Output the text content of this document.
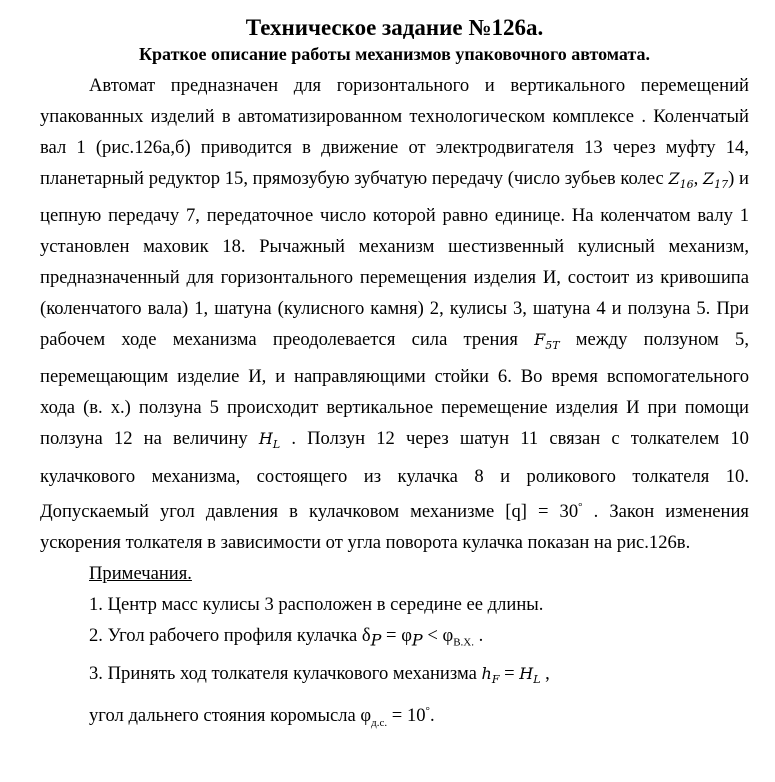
Техническое задание №126а.
Краткое описание работы механизмов упаковочного автомата.

Автомат предназначен для горизонтального и вертикального перемещений упакованных изделий в автоматизированном технологическом комплексе . Коленчатый вал 1 (рис.126а,б) приводится в движение от электродвигателя 13 через муфту 14, планетарный редуктор 15, прямозубую зубчатую передачу (число зубьев колес $Z_{16}$, $Z_{17}$) и цепную передачу 7, передаточное число которой равно единице. На коленчатом валу 1 установлен маховик 18. Рычажный механизм шестизвенный кулисный механизм, предназначенный для горизонтального перемещения изделия И, состоит из кривошипа (коленчатого вала) 1, шатуна (кулисного камня) 2, кулисы 3, шатуна 4 и ползуна 5. При рабочем ходе механизма преодолевается сила трения $F_{5T}$ между ползуном 5, перемещающим изделие И, и направляющими стойки 6. Во время вспомогательного хода (в. х.) ползуна 5 происходит вертикальное перемещение изделия И при помощи ползуна 12 на величину $H_L$ . Ползун 12 через шатун 11 связан с толкателем 10 кулачкового механизма, состоящего из кулачка 8 и роликового толкателя 10. Допускаемый угол давления в кулачковом механизме [q] = 30° . Закон изменения ускорения толкателя в зависимости от угла поворота кулачка показан на рис.126в.

Примечания.

1. Центр масс кулисы 3 расположен в середине ее длины.

2. Угол рабочего профиля кулачка $\delta_P = \varphi_P < \varphi_{В.Х.}$ .

3. Принять ход толкателя кулачкового механизма $h_F = H_L$ ,

угол дальнего стояния коромысла $\varphi_{д.с.} = 10^\circ$.
